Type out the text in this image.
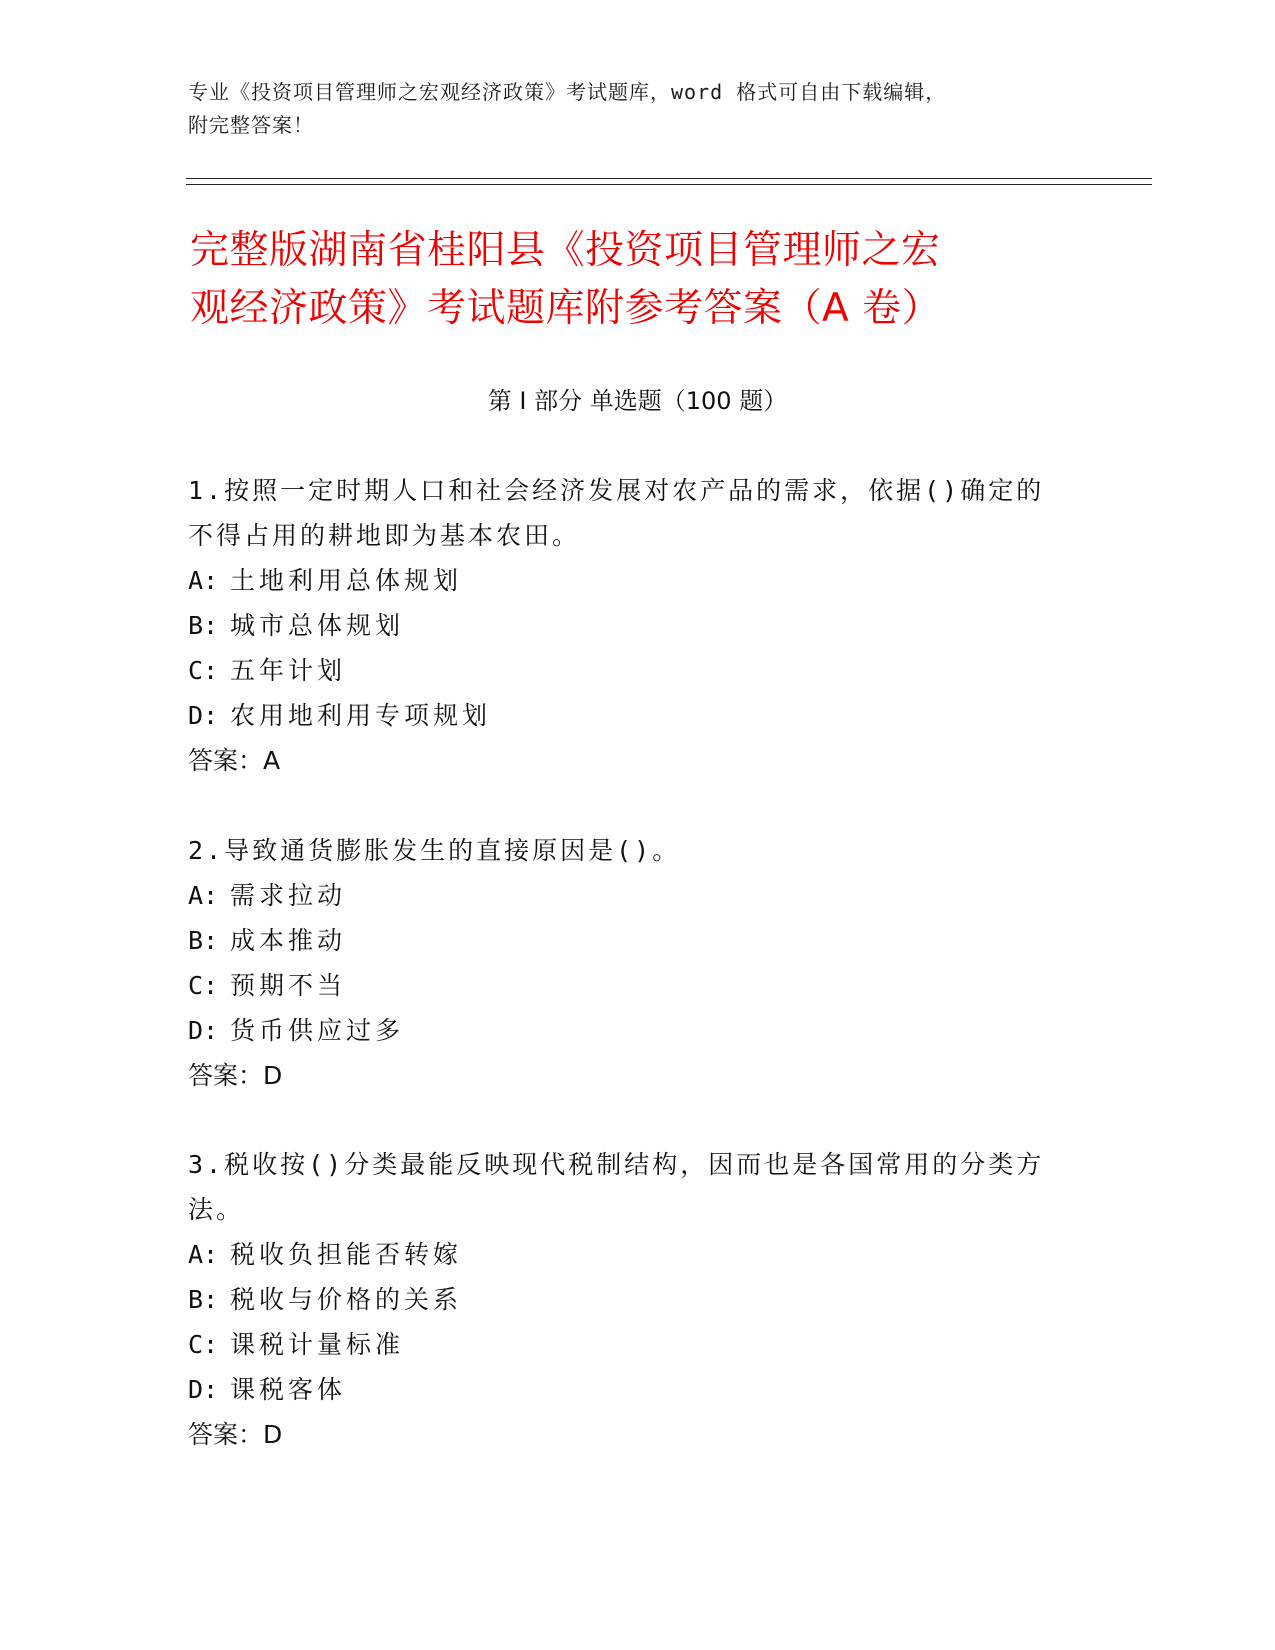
专业《投资项目管理师之宏观经济政策》考试题库，word 格式可自由下载编辑，
附完整答案！
完整版湖南省桂阳县《投资项目管理师之宏
观经济政策》考试题库附参考答案（A 卷）
第 I 部分 单选题（100 题）
1.按照一定时期人口和社会经济发展对农产品的需求，依据()确定的
不得占用的耕地即为基本农田。
A: 土地利用总体规划
B: 城市总体规划
C: 五年计划
D: 农用地利用专项规划
答案：A
2.导致通货膨胀发生的直接原因是()。
A: 需求拉动
B: 成本推动
C: 预期不当
D: 货币供应过多
答案：D
3.税收按()分类最能反映现代税制结构，因而也是各国常用的分类方
法。
A: 税收负担能否转嫁
B: 税收与价格的关系
C: 课税计量标准
D: 课税客体
答案：D
